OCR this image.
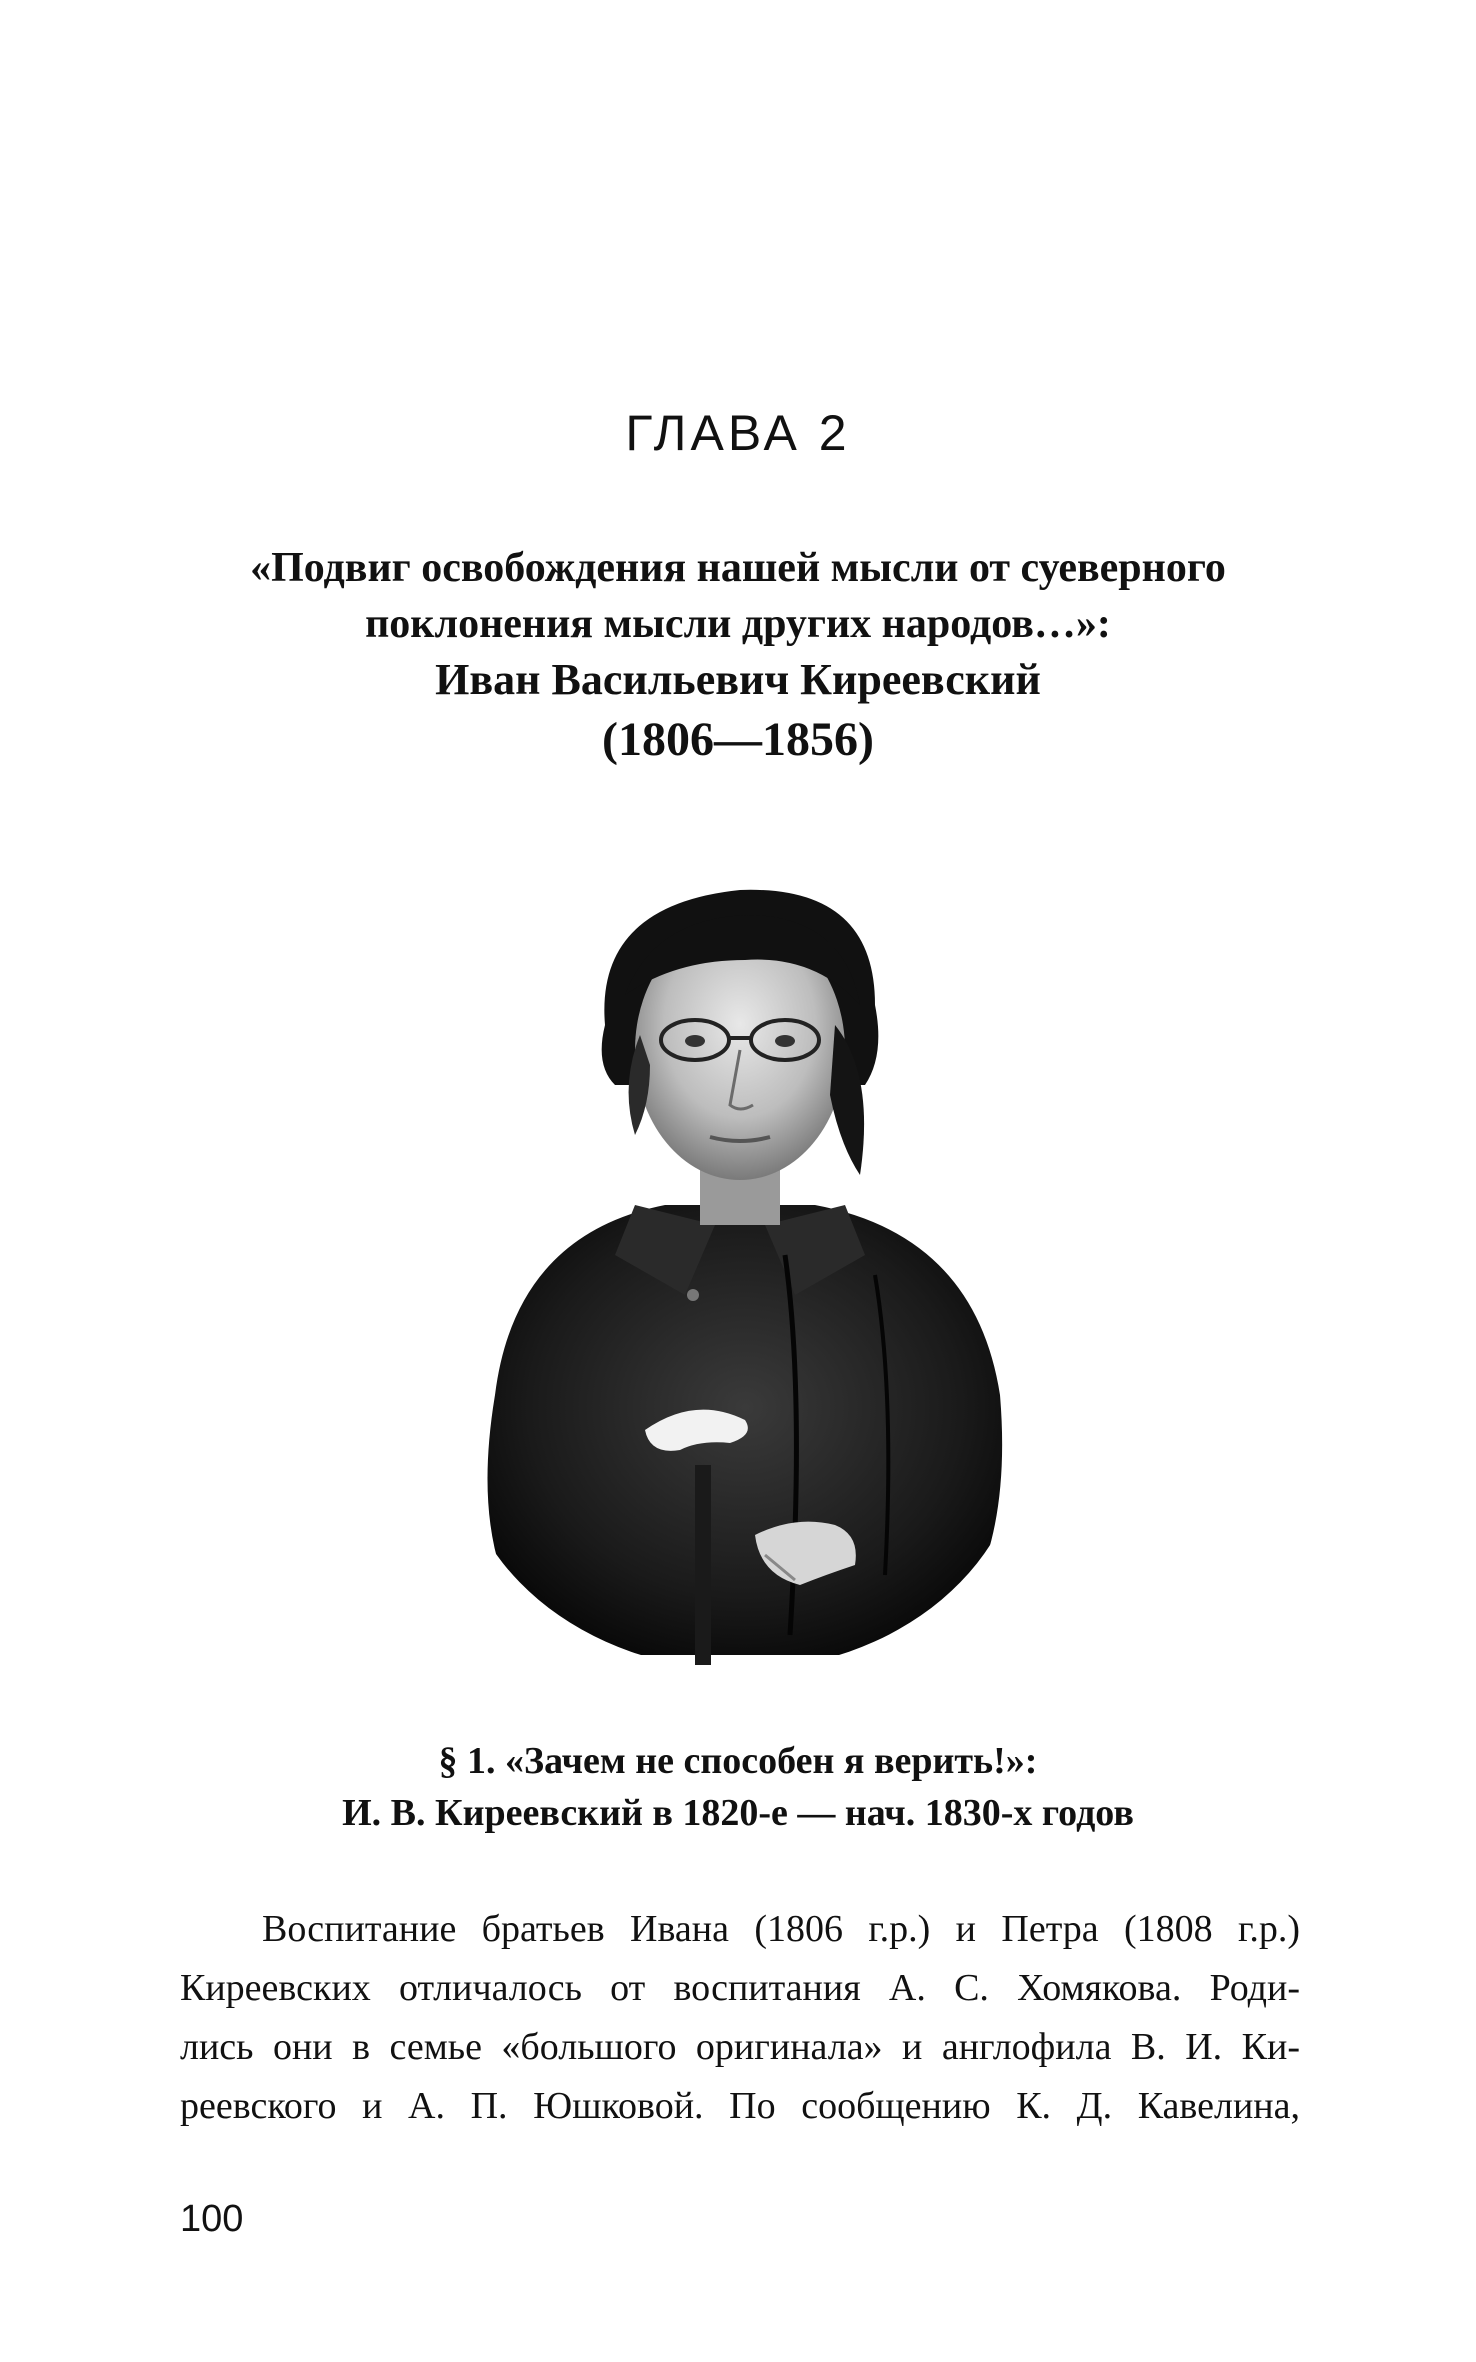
ГЛАВА 2
«Подвиг освобождения нашей мысли от суеверного
поклонения мысли других народов…»:
Иван Васильевич Киреевский
(1806—1856)
§ 1. «Зачем не способен я верить!»:
И. В. Киреевский в 1820-е — нач. 1830-х годов
Воспитание братьев Ивана (1806 г.р.) и Петра (1808 г.р.)
Киреевских отличалось от воспитания А. С. Хомякова. Роди-
лись они в семье «большого оригинала» и англофила В. И. Ки-
реевского и А. П. Юшковой. По сообщению К. Д. Кавелина,
100
